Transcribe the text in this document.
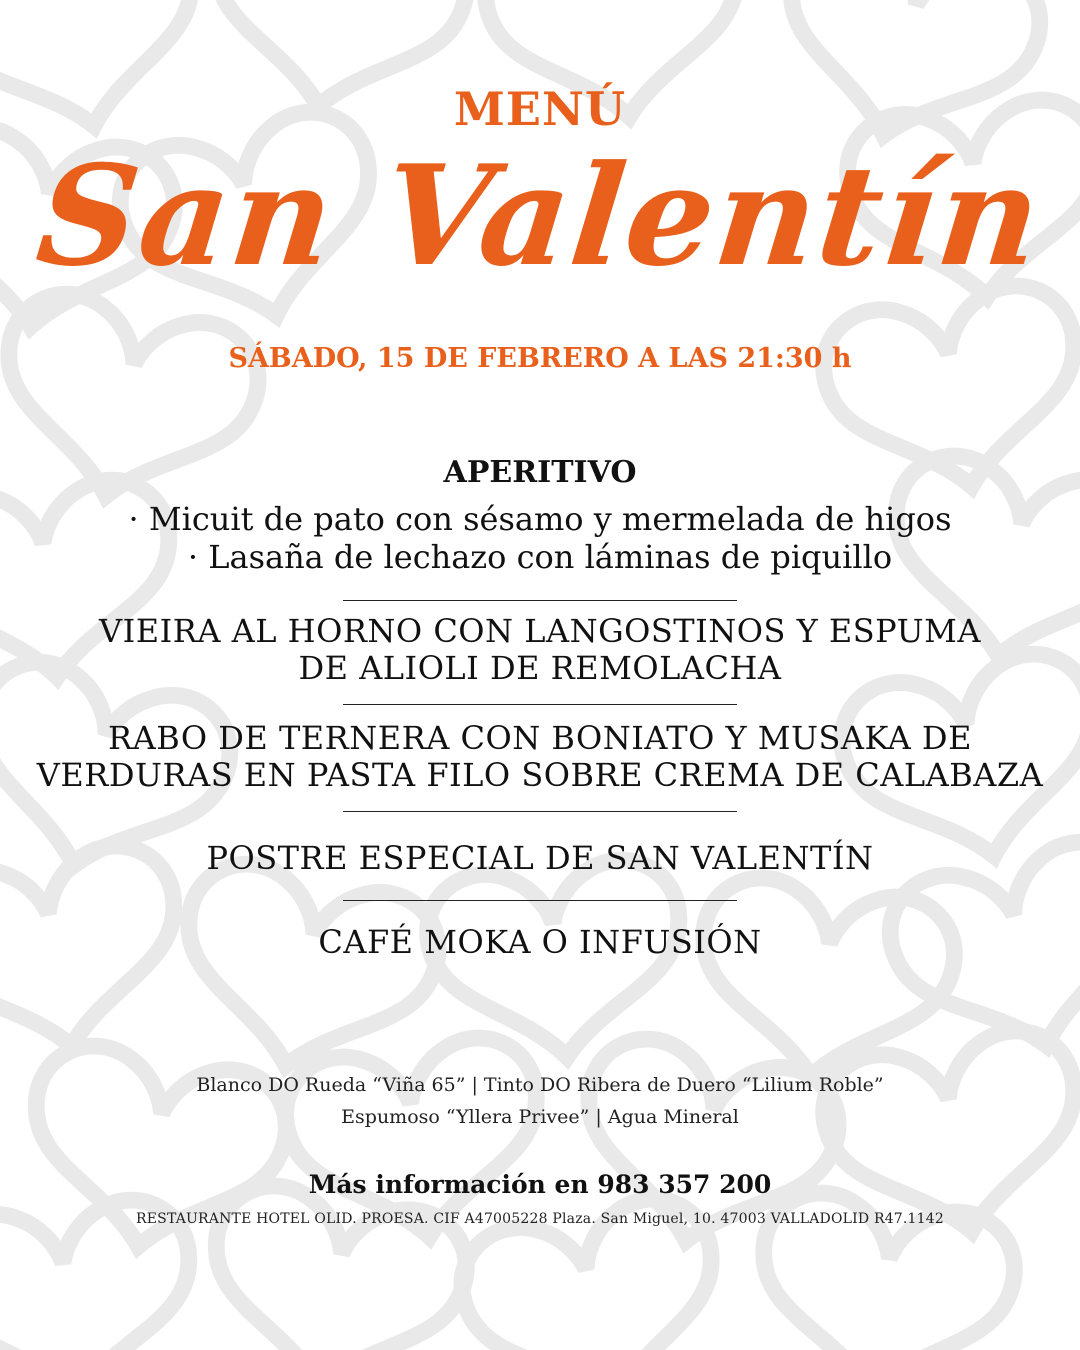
MENÚ
San Valentín
SÁBADO, 15 DE FEBRERO A LAS 21:30 h
APERITIVO
· Micuit de pato con sésamo y mermelada de higos
· Lasaña de lechazo con láminas de piquillo
VIEIRA AL HORNO CON LANGOSTINOS Y ESPUMA
DE ALIOLI DE REMOLACHA
RABO DE TERNERA CON BONIATO Y MUSAKA DE
VERDURAS EN PASTA FILO SOBRE CREMA DE CALABAZA
POSTRE ESPECIAL DE SAN VALENTÍN
CAFÉ MOKA O INFUSIÓN
Blanco DO Rueda “Viña 65” | Tinto DO Ribera de Duero “Lilium Roble”
Espumoso “Yllera Privee” | Agua Mineral
Más información en 983 357 200
RESTAURANTE HOTEL OLID. PROESA. CIF A47005228 Plaza. San Miguel, 10. 47003 VALLADOLID R47.1142
